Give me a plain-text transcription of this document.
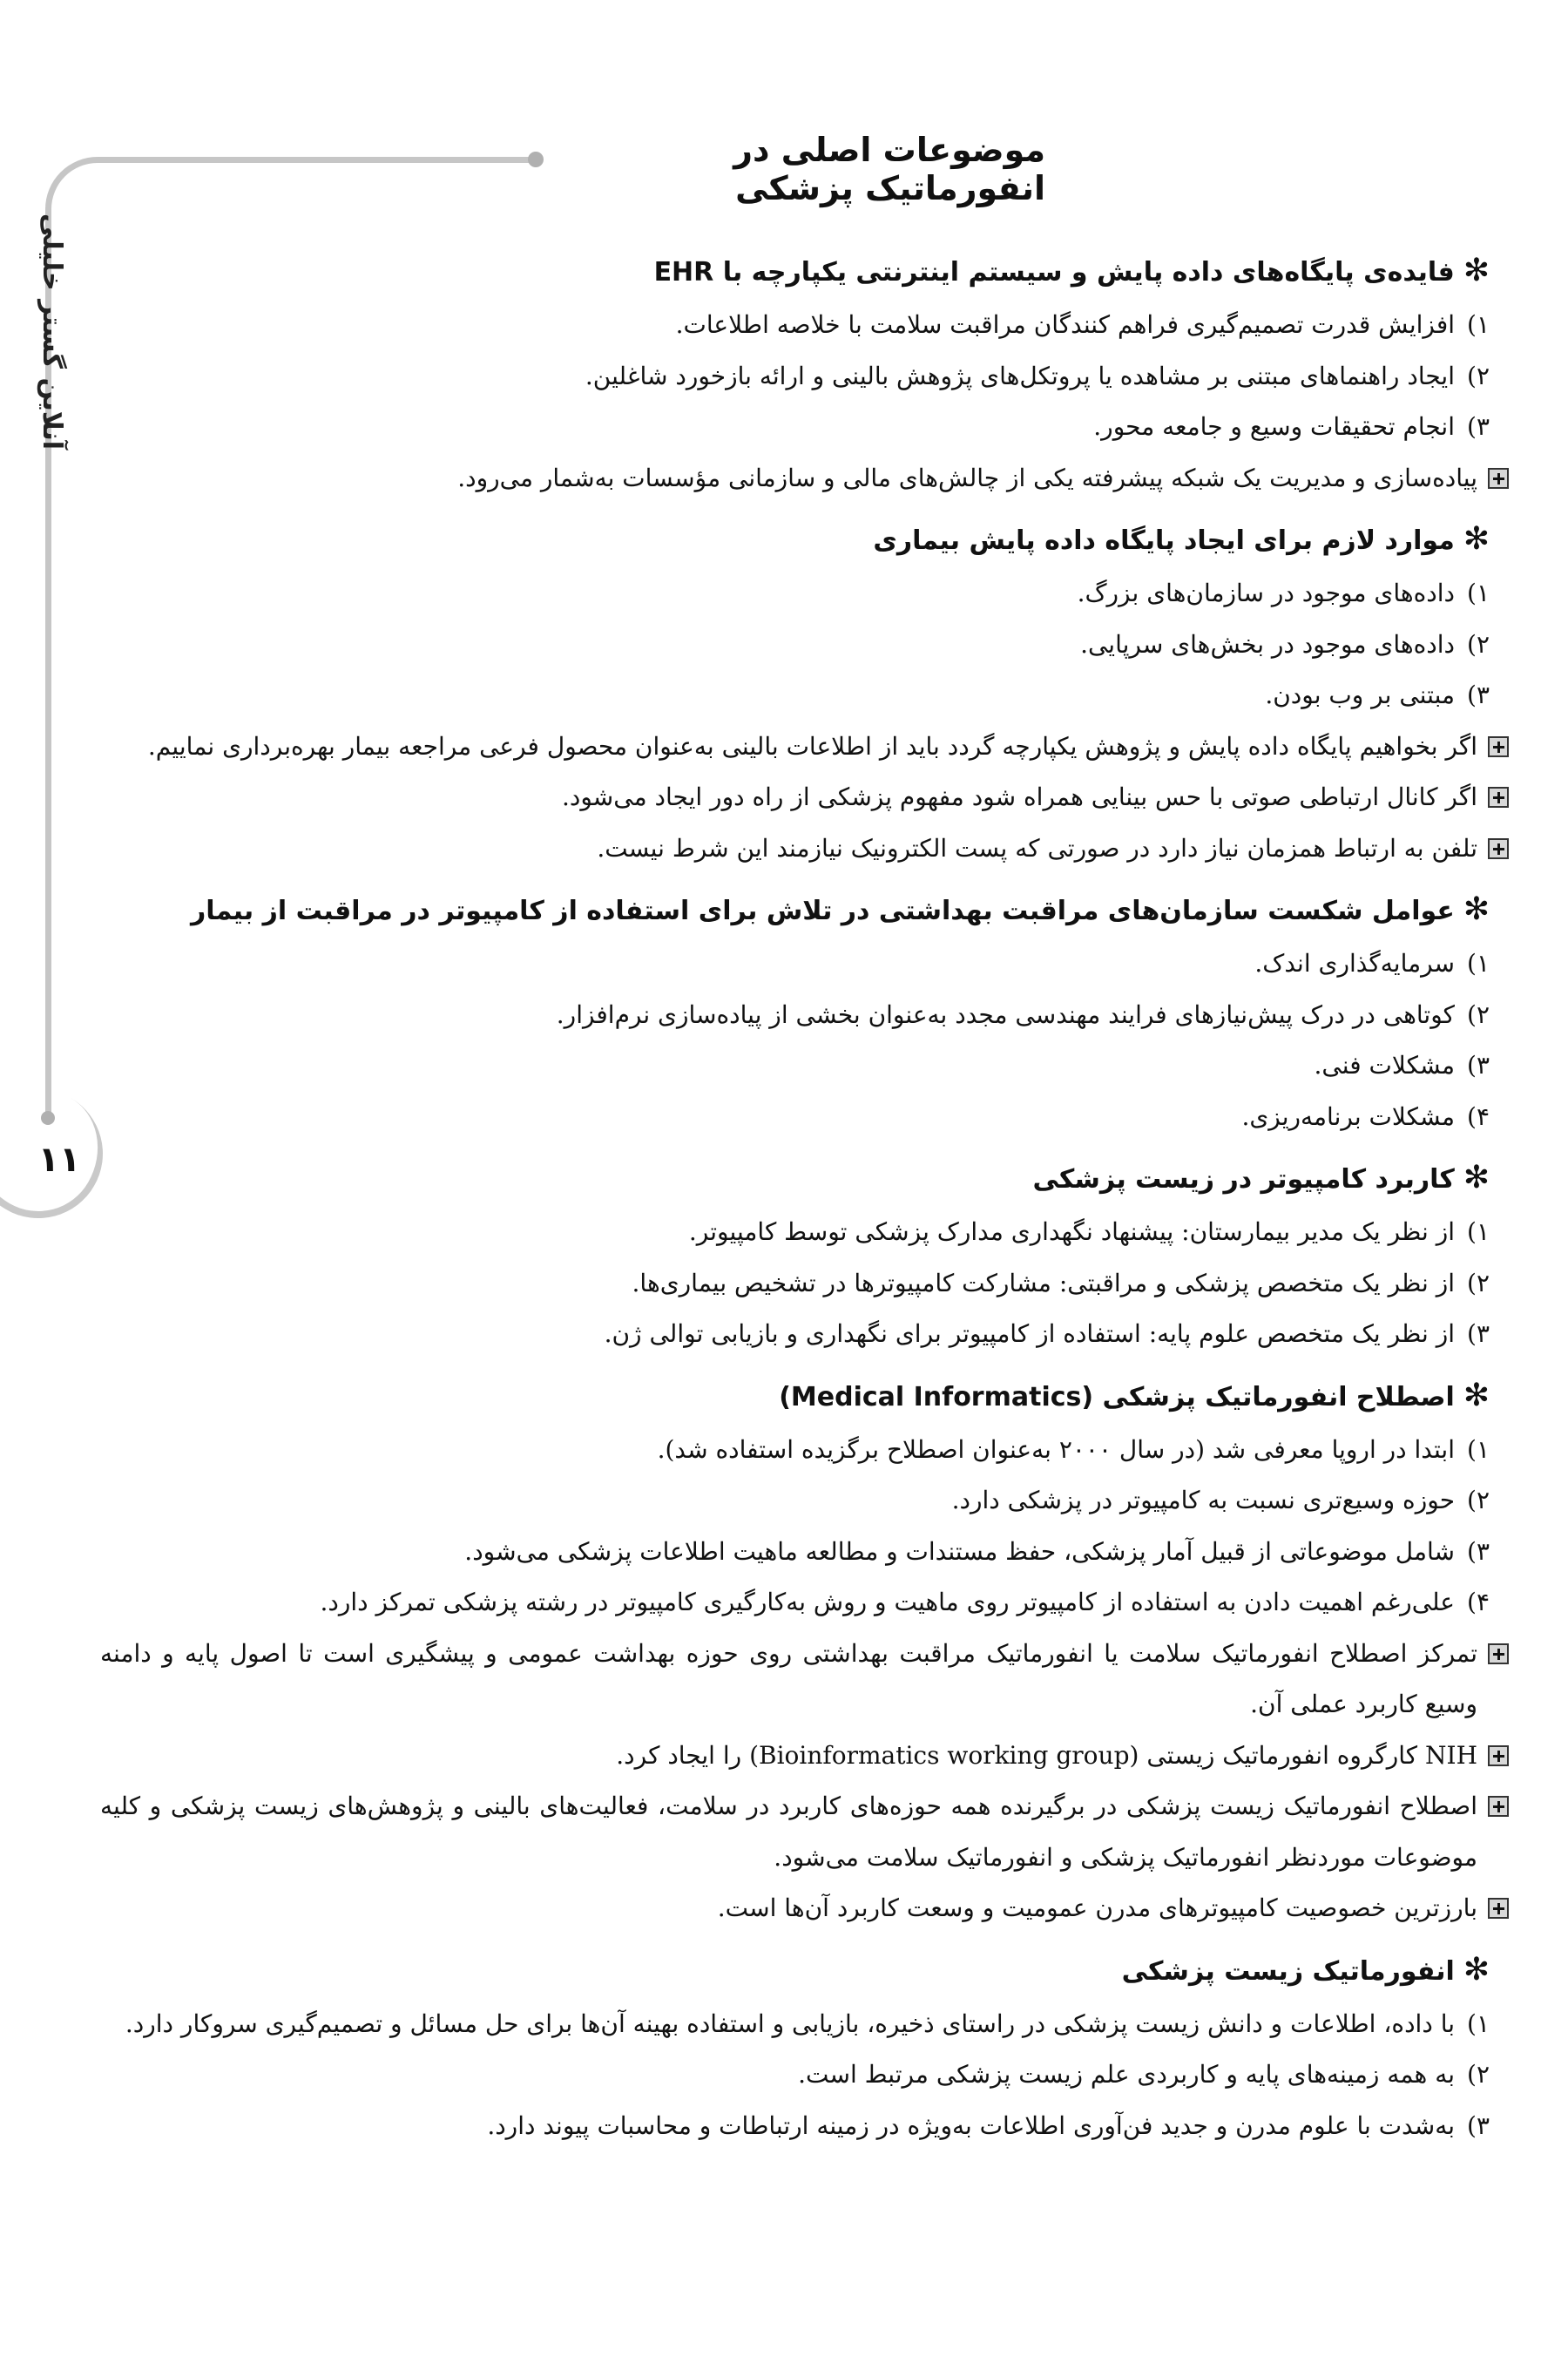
موضوعات اصلی در انفورماتیک پزشکی
آنلاین گستر خلیلی
۱۱
✻فایده‌ی پایگاه‌های داده پایش و سیستم اینترنتی یکپارچه با EHR
۱)
افزایش قدرت تصمیم‌گیری فراهم کنندگان مراقبت سلامت با خلاصه اطلاعات.
۲)
ایجاد راهنماهای مبتنی بر مشاهده یا پروتکل‌های پژوهش بالینی و ارائه بازخورد شاغلین.
۳)
انجام تحقیقات وسیع و جامعه محور.
پیاده‌سازی و مدیریت یک شبکه پیشرفته یکی از چالش‌های مالی و سازمانی مؤسسات به‌شمار می‌رود.
✻موارد لازم برای ایجاد پایگاه داده پایش بیماری
۱)
داده‌های موجود در سازمان‌های بزرگ.
۲)
داده‌های موجود در بخش‌های سرپایی.
۳)
مبتنی بر وب بودن.
اگر بخواهیم پایگاه داده پایش و پژوهش یکپارچه گردد باید از اطلاعات بالینی به‌عنوان محصول فرعی مراجعه بیمار بهره‌برداری نماییم.
اگر کانال ارتباطی صوتی با حس بینایی همراه شود مفهوم پزشکی از راه دور ایجاد می‌شود.
تلفن به ارتباط همزمان نیاز دارد در صورتی که پست الکترونیک نیازمند این شرط نیست.
✻عوامل شکست سازمان‌های مراقبت بهداشتی در تلاش برای استفاده از کامپیوتر در مراقبت از بیمار
۱)
سرمایه‌گذاری اندک.
۲)
کوتاهی در درک پیش‌نیازهای فرایند مهندسی مجدد به‌عنوان بخشی از پیاده‌سازی نرم‌افزار.
۳)
مشکلات فنی.
۴)
مشکلات برنامه‌ریزی.
✻کاربرد کامپیوتر در زیست پزشکی
۱)
از نظر یک مدیر بیمارستان: پیشنهاد نگهداری مدارک پزشکی توسط کامپیوتر.
۲)
از نظر یک متخصص پزشکی و مراقبتی: مشارکت کامپیوترها در تشخیص بیماری‌ها.
۳)
از نظر یک متخصص علوم پایه: استفاده از کامپیوتر برای نگهداری و بازیابی توالی ژن.
✻اصطلاح انفورماتیک پزشکی (Medical Informatics)
۱)
ابتدا در اروپا معرفی شد (در سال ۲۰۰۰ به‌عنوان اصطلاح برگزیده استفاده شد).
۲)
حوزه وسیع‌تری نسبت به کامپیوتر در پزشکی دارد.
۳)
شامل موضوعاتی از قبیل آمار پزشکی، حفظ مستندات و مطالعه ماهیت اطلاعات پزشکی می‌شود.
۴)
علی‌رغم اهمیت دادن به استفاده از کامپیوتر روی ماهیت و روش به‌کارگیری کامپیوتر در رشته پزشکی تمرکز دارد.
تمرکز اصطلاح انفورماتیک سلامت یا انفورماتیک مراقبت بهداشتی روی حوزه بهداشت عمومی و پیشگیری است تا اصول پایه و دامنه وسیع کاربرد عملی آن.
NIH کارگروه انفورماتیک زیستی (Bioinformatics working group) را ایجاد کرد.
اصطلاح انفورماتیک زیست پزشکی در برگیرنده همه حوزه‌های کاربرد در سلامت، فعالیت‌های بالینی و پژوهش‌های زیست پزشکی و کلیه موضوعات موردنظر انفورماتیک پزشکی و انفورماتیک سلامت می‌شود.
بارزترین خصوصیت کامپیوترهای مدرن عمومیت و وسعت کاربرد آن‌ها است.
✻انفورماتیک زیست پزشکی
۱)
با داده، اطلاعات و دانش زیست پزشکی در راستای ذخیره، بازیابی و استفاده بهینه آن‌ها برای حل مسائل و تصمیم‌گیری سروکار دارد.
۲)
به همه زمینه‌های پایه و کاربردی علم زیست پزشکی مرتبط است.
۳)
به‌شدت با علوم مدرن و جدید فن‌آوری اطلاعات به‌ویژه در زمینه ارتباطات و محاسبات پیوند دارد.
